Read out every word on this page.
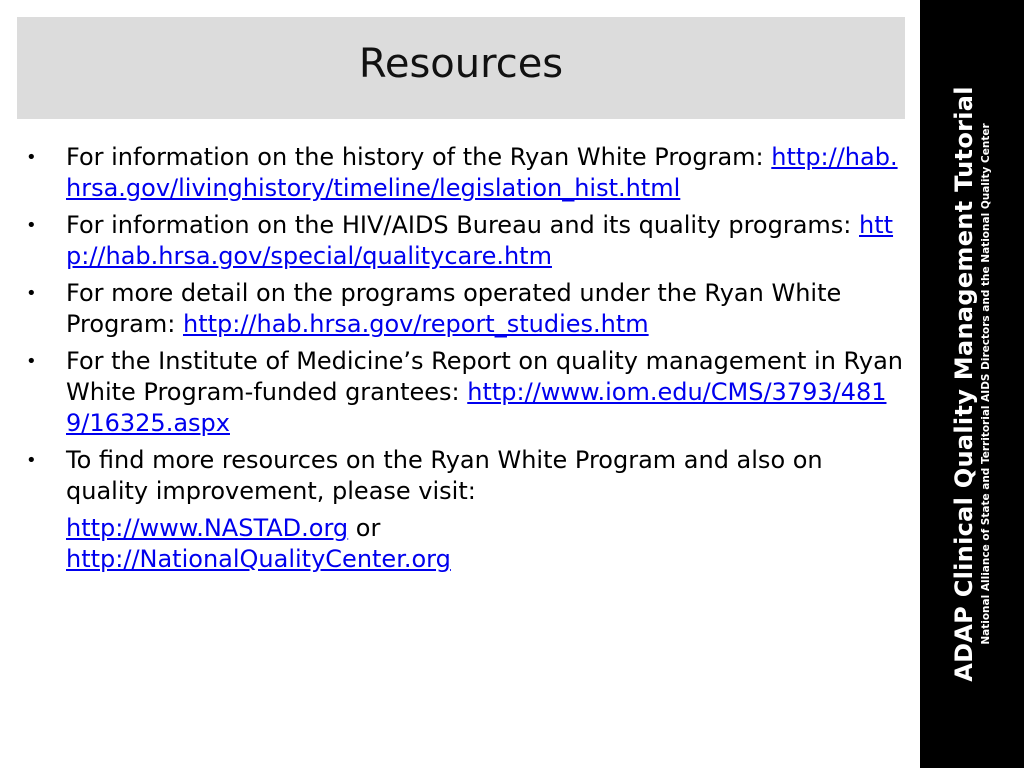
Resources
ADAP Clinical Quality Management Tutorial National Alliance of State and Territorial AIDS Directors and the National Quality Center
• For information on the history of the Ryan White Program: http://hab.hrsa.gov/livinghistory/timeline/legislation_hist.html
• For information on the HIV/AIDS Bureau and its quality programs: http://hab.hrsa.gov/special/qualitycare.htm
• For more detail on the programs operated under the Ryan White Program: http://hab.hrsa.gov/report_studies.htm
• For the Institute of Medicine’s Report on quality management in Ryan White Program-funded grantees: http://www.iom.edu/CMS/3793/4819/16325.aspx
• To find more resources on the Ryan White Program and also on quality improvement, please visit:
http://www.NASTAD.org or
http://NationalQualityCenter.org
